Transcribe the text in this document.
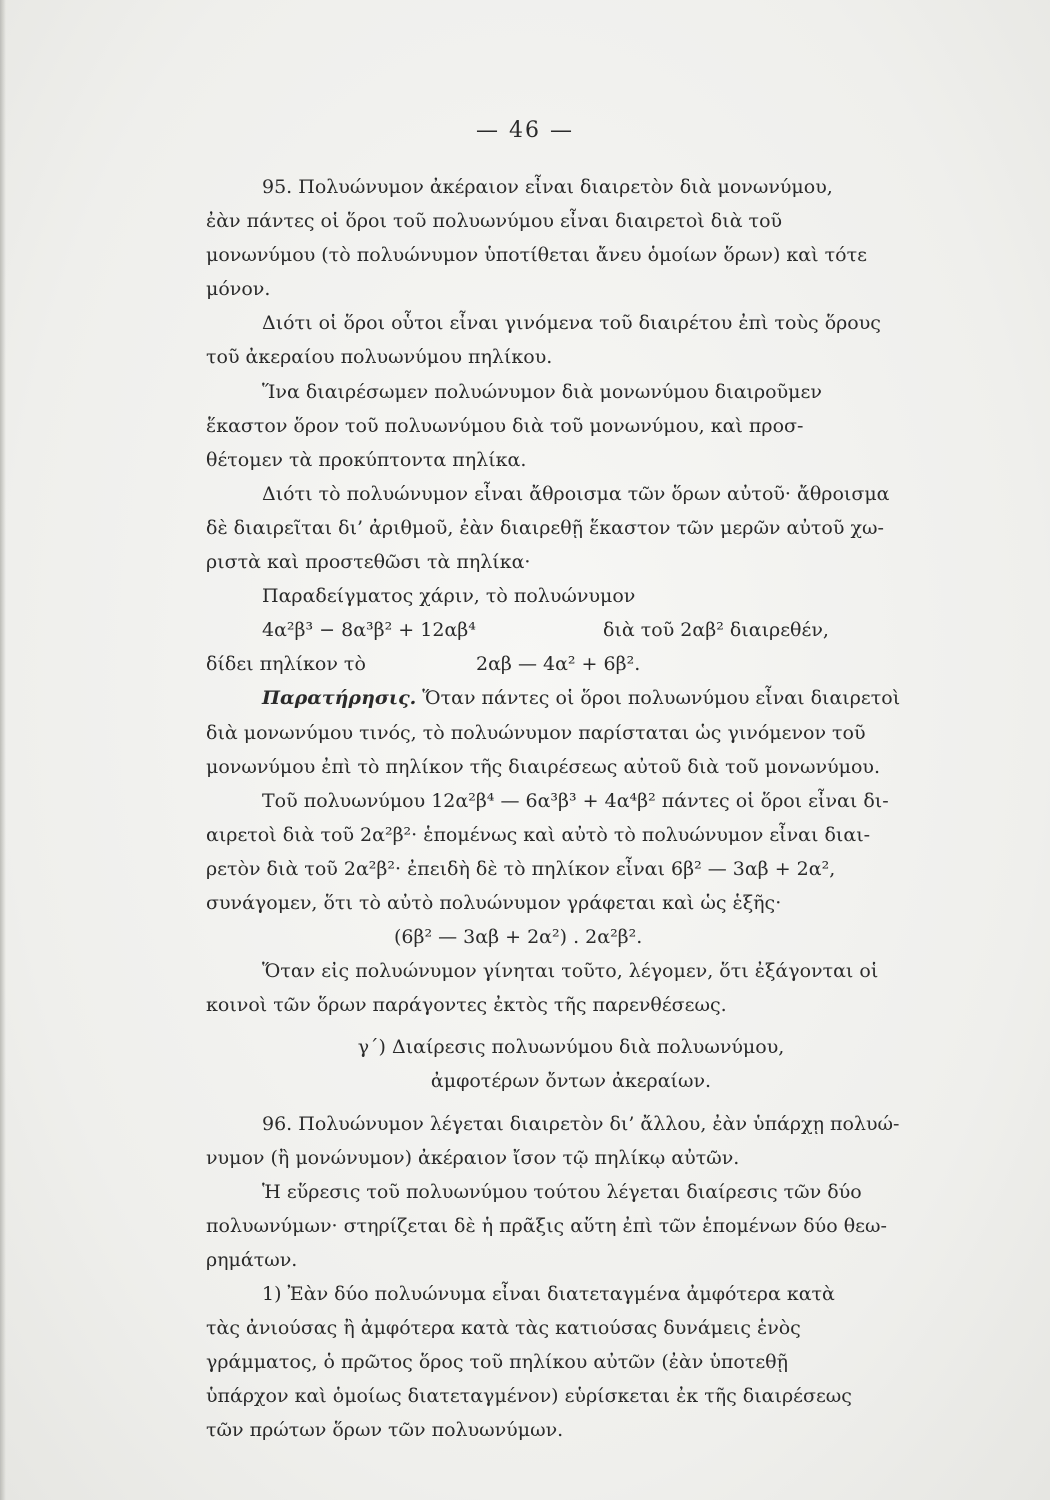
— 46 —

95. Πολυώνυμον ἀκέραιον εἶναι διαιρετὸν διὰ μονωνύμου,
ἐὰν πάντες οἱ ὅροι τοῦ πολυωνύμου εἶναι διαιρετοὶ διὰ τοῦ
μονωνύμου (τὸ πολυώνυμον ὑποτίθεται ἄνευ ὁμοίων ὅρων) καὶ τότε
μόνον.

Διότι οἱ ὅροι οὗτοι εἶναι γινόμενα τοῦ διαιρέτου ἐπὶ τοὺς ὅρους
τοῦ ἀκεραίου πολυωνύμου πηλίκου.

Ἵνα διαιρέσωμεν πολυώνυμον διὰ μονωνύμου διαιροῦμεν
ἕκαστον ὅρον τοῦ πολυωνύμου διὰ τοῦ μονωνύμου, καὶ προσ-
θέτομεν τὰ προκύπτοντα πηλίκα.

Διότι τὸ πολυώνυμον εἶναι ἄθροισμα τῶν ὅρων αὐτοῦ· ἄθροισμα
δὲ διαιρεῖται δι’ ἀριθμοῦ, ἐὰν διαιρεθῇ ἕκαστον τῶν μερῶν αὐτοῦ χω-
ριστὰ καὶ προστεθῶσι τὰ πηλίκα·

Παραδείγματος χάριν, τὸ πολυώνυμον

4α²β³ − 8α³β² + 12αβ⁴	διὰ τοῦ 2αβ² διαιρεθέν,

δίδει πηλίκον τὸ	2αβ — 4α² + 6β².

Παρατήρησις. Ὅταν πάντες οἱ ὅροι πολυωνύμου εἶναι διαιρετοὶ
διὰ μονωνύμου τινός, τὸ πολυώνυμον παρίσταται ὡς γινόμενον τοῦ
μονωνύμου ἐπὶ τὸ πηλίκον τῆς διαιρέσεως αὐτοῦ διὰ τοῦ μονωνύμου.

Τοῦ πολυωνύμου 12α²β⁴ — 6α³β³ + 4α⁴β² πάντες οἱ ὅροι εἶναι δι-
αιρετοὶ διὰ τοῦ 2α²β²· ἑπομένως καὶ αὐτὸ τὸ πολυώνυμον εἶναι διαι-
ρετὸν διὰ τοῦ 2α²β²· ἐπειδὴ δὲ τὸ πηλίκον εἶναι 6β² — 3αβ + 2α²,
συνάγομεν, ὅτι τὸ αὐτὸ πολυώνυμον γράφεται καὶ ὡς ἑξῆς·

(6β² — 3αβ + 2α²) . 2α²β².

Ὅταν εἰς πολυώνυμον γίνηται τοῦτο, λέγομεν, ὅτι ἐξάγονται οἱ
κοινοὶ τῶν ὅρων παράγοντες ἐκτὸς τῆς παρενθέσεως.

γ΄) Διαίρεσις πολυωνύμου διὰ πολυωνύμου,
ἀμφοτέρων ὄντων ἀκεραίων.

96. Πολυώνυμον λέγεται διαιρετὸν δι’ ἄλλου, ἐὰν ὑπάρχῃ πολυώ-
νυμον (ἢ μονώνυμον) ἀκέραιον ἴσον τῷ πηλίκῳ αὐτῶν.

Ἡ εὕρεσις τοῦ πολυωνύμου τούτου λέγεται διαίρεσις τῶν δύο
πολυωνύμων· στηρίζεται δὲ ἡ πρᾶξις αὕτη ἐπὶ τῶν ἑπομένων δύο θεω-
ρημάτων.

1) Ἐὰν δύο πολυώνυμα εἶναι διατεταγμένα ἀμφότερα κατὰ
τὰς ἀνιούσας ἢ ἀμφότερα κατὰ τὰς κατιούσας δυνάμεις ἑνὸς
γράμματος, ὁ πρῶτος ὅρος τοῦ πηλίκου αὐτῶν (ἐὰν ὑποτεθῇ
ὑπάρχον καὶ ὁμοίως διατεταγμένον) εὑρίσκεται ἐκ τῆς διαιρέσεως
τῶν πρώτων ὅρων τῶν πολυωνύμων.
